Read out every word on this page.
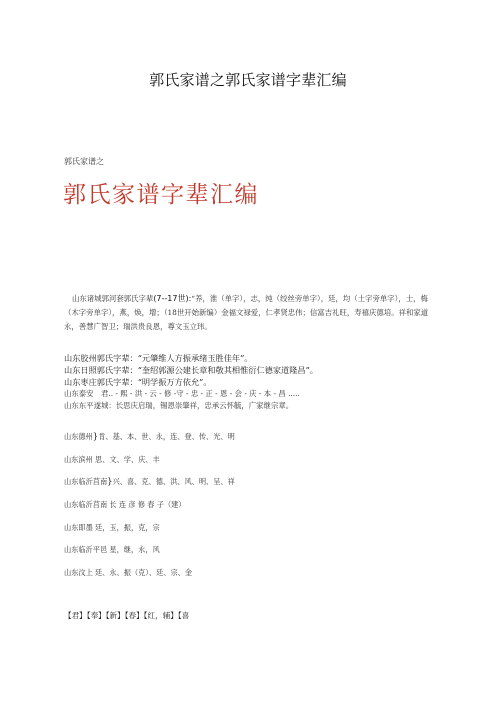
郭氏家谱之郭氏家谱字辈汇编
郭氏家谱之
郭氏家谱字辈汇编
山东诸城郭河套郭氏字辈(7--17世):“养，淮（单字），志，纯（绞丝旁单字），廷，均（土字旁单字），士，梅（木字旁单字），燕，焕，增；（18世开始新编）金福文禄爱，仁孝贤忠伟；信富吉礼旺，寿禧庆德培。祥和家道永，善慧广智卫；瑞洪贵良恩，尊文玉立玮。
山东胶州郭氏字辈：“元肇维人方振承绪玉胜佳年”。
山东日照郭氏字辈：“奎绍郭源公建长章和敬其相惟衍仁德家道隆昌”。
山东枣庄郭氏字辈：“明学振万方依允”。
山东泰安　君.. - 熙 - 洪 - 云 - 修 -守 - 忠 - 正 - 恩 - 会 - 庆 - 本 - 昌 .....
山东东平遂城：长思庆启瑞，锡恩崇肇祥，忠承云怀毓，广家继宗章。
山东德州}肯、基、本、世、永，连、登、传、光、明
山东滨州 思、文、学、庆、丰
山东临沂莒南}兴、喜、克、德、洪、风、明、呈、祥
山东临沂莒南 长 连 彦 修 春 子（建）
山东即墨 廷，玉，振，克，宗
山东临沂平邑 星，继，永，风
山东汶上 廷、永、振（克）、廷、宗、金
【君】【奉】【新】【春】【红，辅】【喜
